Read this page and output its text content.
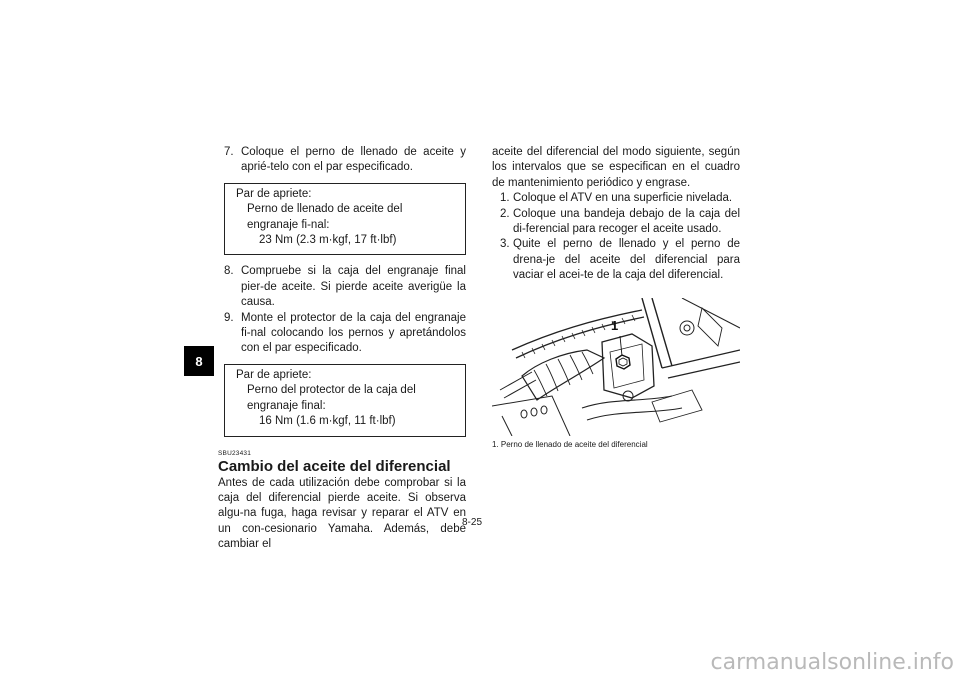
8
7. Coloque el perno de llenado de aceite y aprié-telo con el par especificado.
Par de apriete:
Perno de llenado de aceite del engranaje fi-nal:
23 Nm (2.3 m·kgf, 17 ft·lbf)
8. Compruebe si la caja del engranaje final pier-de aceite. Si pierde aceite averigüe la causa.
9. Monte el protector de la caja del engranaje fi-nal colocando los pernos y apretándolos con el par especificado.
Par de apriete:
Perno del protector de la caja del engranaje final:
16 Nm (1.6 m·kgf, 11 ft·lbf)
SBU23431
Cambio del aceite del diferencial
Antes de cada utilización debe comprobar si la caja del diferencial pierde aceite. Si observa algu-na fuga, haga revisar y reparar el ATV en un con-cesionario Yamaha. Además, debe cambiar el
aceite del diferencial del modo siguiente, según los intervalos que se especifican en el cuadro de mantenimiento periódico y engrase.
1. Coloque el ATV en una superficie nivelada.
2. Coloque una bandeja debajo de la caja del di-ferencial para recoger el aceite usado.
3. Quite el perno de llenado y el perno de drena-je del aceite del diferencial para vaciar el acei-te de la caja del diferencial.
1
1. Perno de llenado de aceite del diferencial
8-25
carmanualsonline.info
